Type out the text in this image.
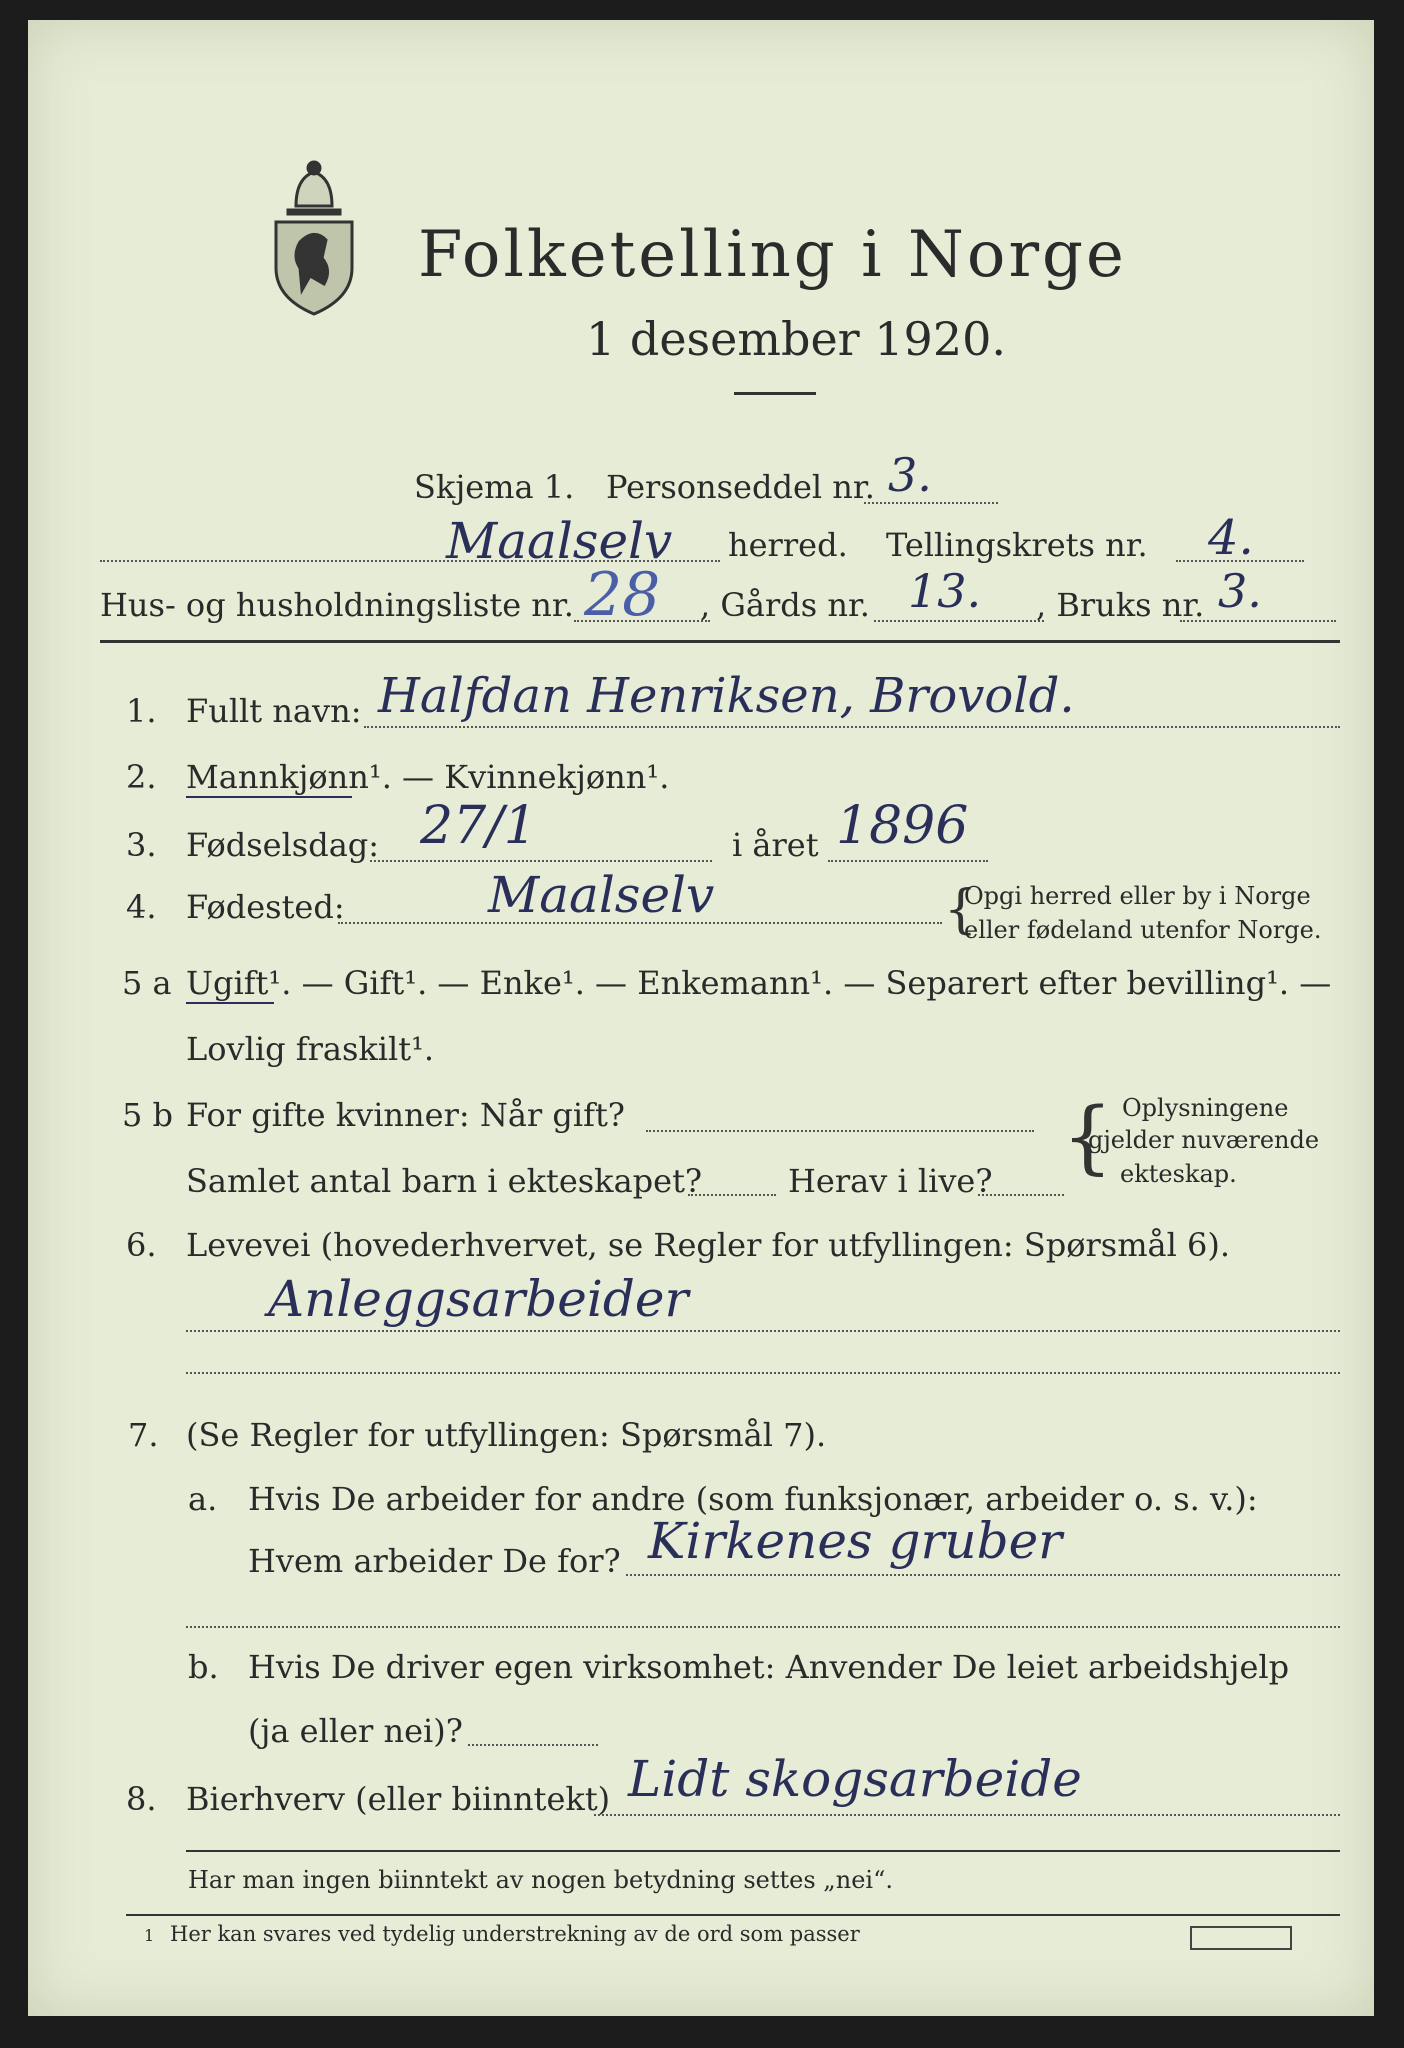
Folketelling i Norge
1 desember 1920.
Skjema 1. Personseddel nr. 3.
Maalselv herred. Tellingskrets nr. 4.
Hus- og husholdningsliste nr. 28 , Gårds nr. 13. , Bruks nr. 3.
1. Fullt navn: Halfdan Henriksen, Brovold.
2. Mannkjønn¹. — Kvinnekjønn¹.
3. Fødselsdag: 27/1	i året 1896
4. Fødested:	Maalselv	{
Opgi herred eller by i Norge
eller fødeland utenfor Norge.
5 a Ugift¹. — Gift¹. — Enke¹. — Enkemann¹. — Separert efter bevilling¹. —
Lovlig fraskilt¹.
5 b For gifte kvinner: Når gift?
Samlet antal barn i ekteskapet?	Herav i live? { Oplysningene
gjelder nuværende
ekteskap.
6. Levevei (hovederhvervet, se Regler for utfyllingen: Spørsmål 6).
Anleggsarbeider
7. (Se Regler for utfyllingen: Spørsmål 7).
a. Hvis De arbeider for andre (som funksjonær, arbeider o. s. v.):
Hvem arbeider De for? Kirkenes gruber
b. Hvis De driver egen virksomhet: Anvender De leiet arbeidshjelp
(ja eller nei)?
8. Bierhverv (eller biinntekt) Lidt skogsarbeide
Har man ingen biinntekt av nogen betydning settes „nei“.
1 Her kan svares ved tydelig understrekning av de ord som passer
